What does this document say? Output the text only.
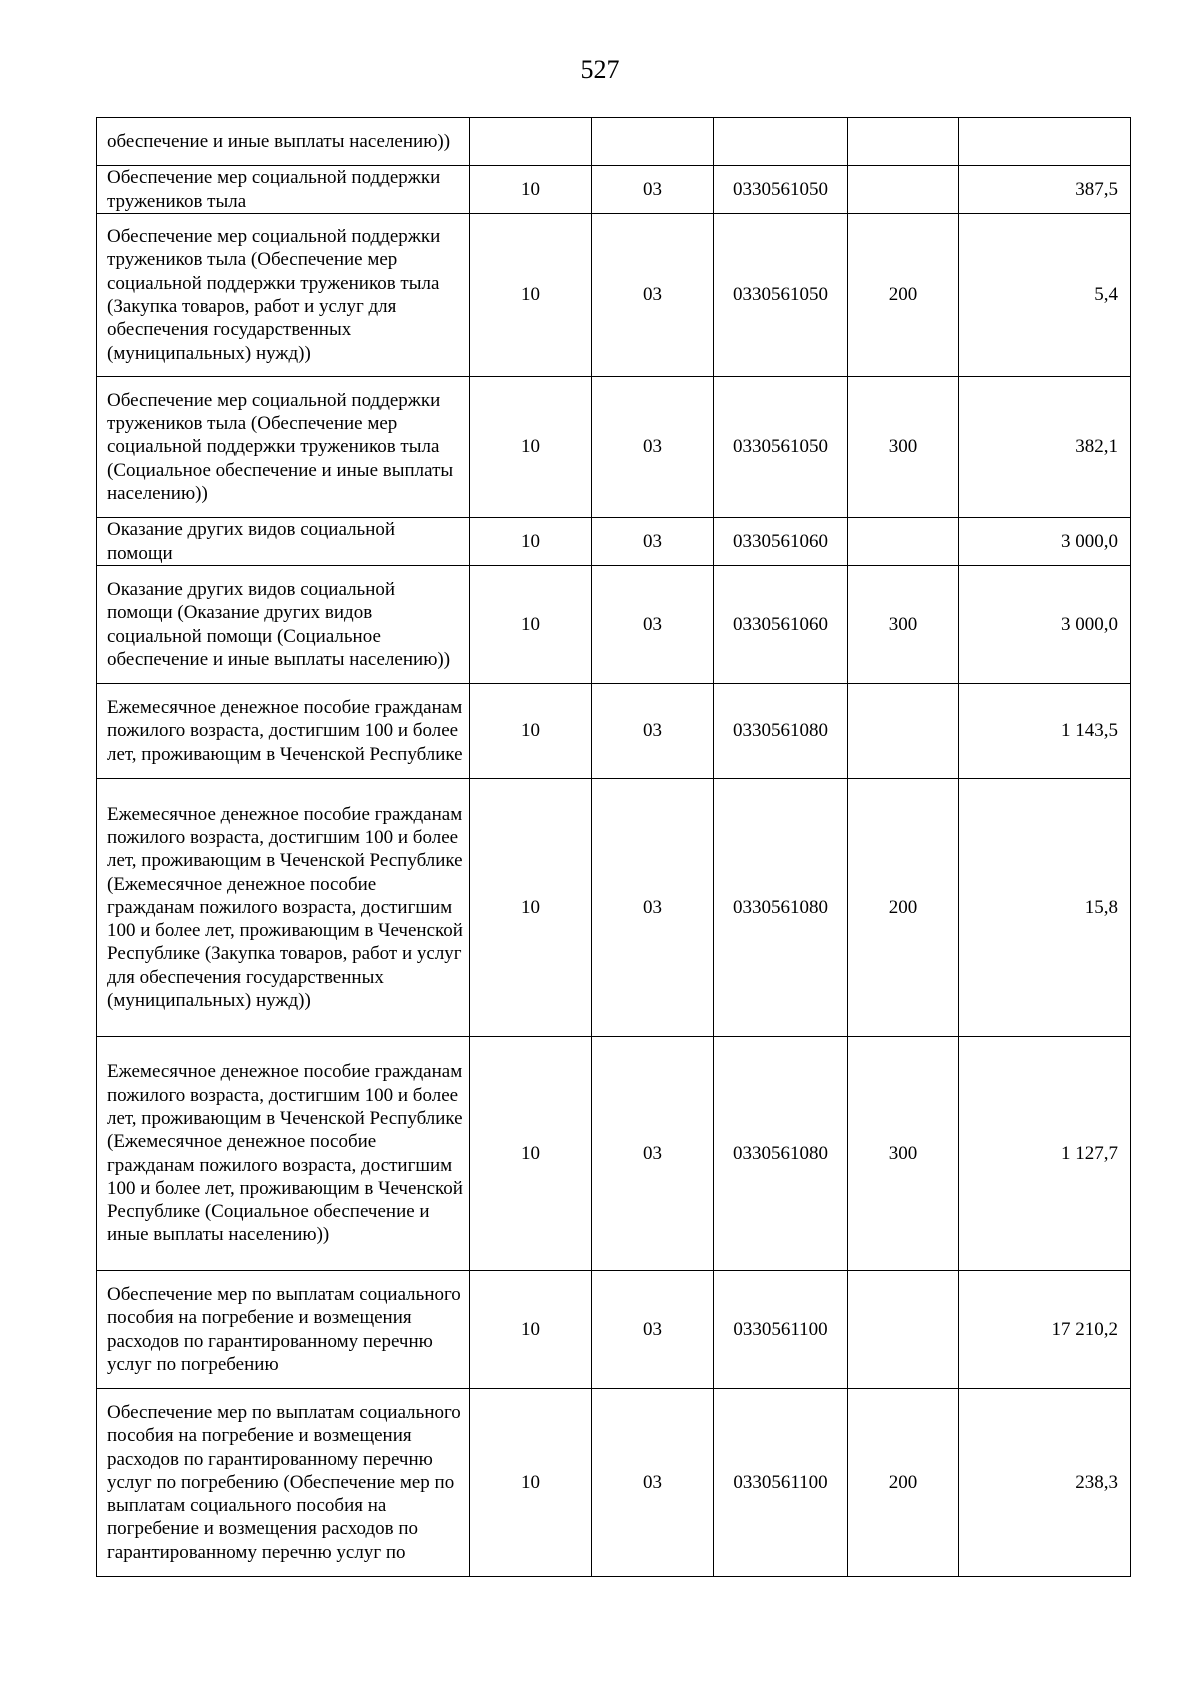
527
обеспечение и иные выплаты населению))					
Обеспечение мер социальной поддержки тружеников тыла	10	03	0330561050		387,5
Обеспечение мер социальной поддержки тружеников тыла (Обеспечение мер социальной поддержки тружеников тыла (Закупка товаров, работ и услуг для обеспечения государственных (муниципальных) нужд))	10	03	0330561050	200	5,4
Обеспечение мер социальной поддержки тружеников тыла (Обеспечение мер социальной поддержки тружеников тыла (Социальное обеспечение и иные выплаты населению))	10	03	0330561050	300	382,1
Оказание других видов социальной помощи	10	03	0330561060		3 000,0
Оказание других видов социальной помощи (Оказание других видов социальной помощи (Социальное обеспечение и иные выплаты населению))	10	03	0330561060	300	3 000,0
Ежемесячное денежное пособие гражданам пожилого возраста, достигшим 100 и более лет, проживающим в Чеченской Республике	10	03	0330561080		1 143,5
Ежемесячное денежное пособие гражданам пожилого возраста, достигшим 100 и более лет, проживающим в Чеченской Республике (Ежемесячное денежное пособие гражданам пожилого возраста, достигшим 100 и более лет, проживающим в Чеченской Республике (Закупка товаров, работ и услуг для обеспечения государственных (муниципальных) нужд))	10	03	0330561080	200	15,8
Ежемесячное денежное пособие гражданам пожилого возраста, достигшим 100 и более лет, проживающим в Чеченской Республике (Ежемесячное денежное пособие гражданам пожилого возраста, достигшим 100 и более лет, проживающим в Чеченской Республике (Социальное обеспечение и иные выплаты населению))	10	03	0330561080	300	1 127,7
Обеспечение мер по выплатам социального пособия на погребение и возмещения расходов по гарантированному перечню услуг по погребению	10	03	0330561100		17 210,2
Обеспечение мер по выплатам социального пособия на погребение и возмещения расходов по гарантированному перечню услуг по погребению (Обеспечение мер по выплатам социального пособия на погребение и возмещения расходов по гарантированному перечню услуг по	10	03	0330561100	200	238,3
